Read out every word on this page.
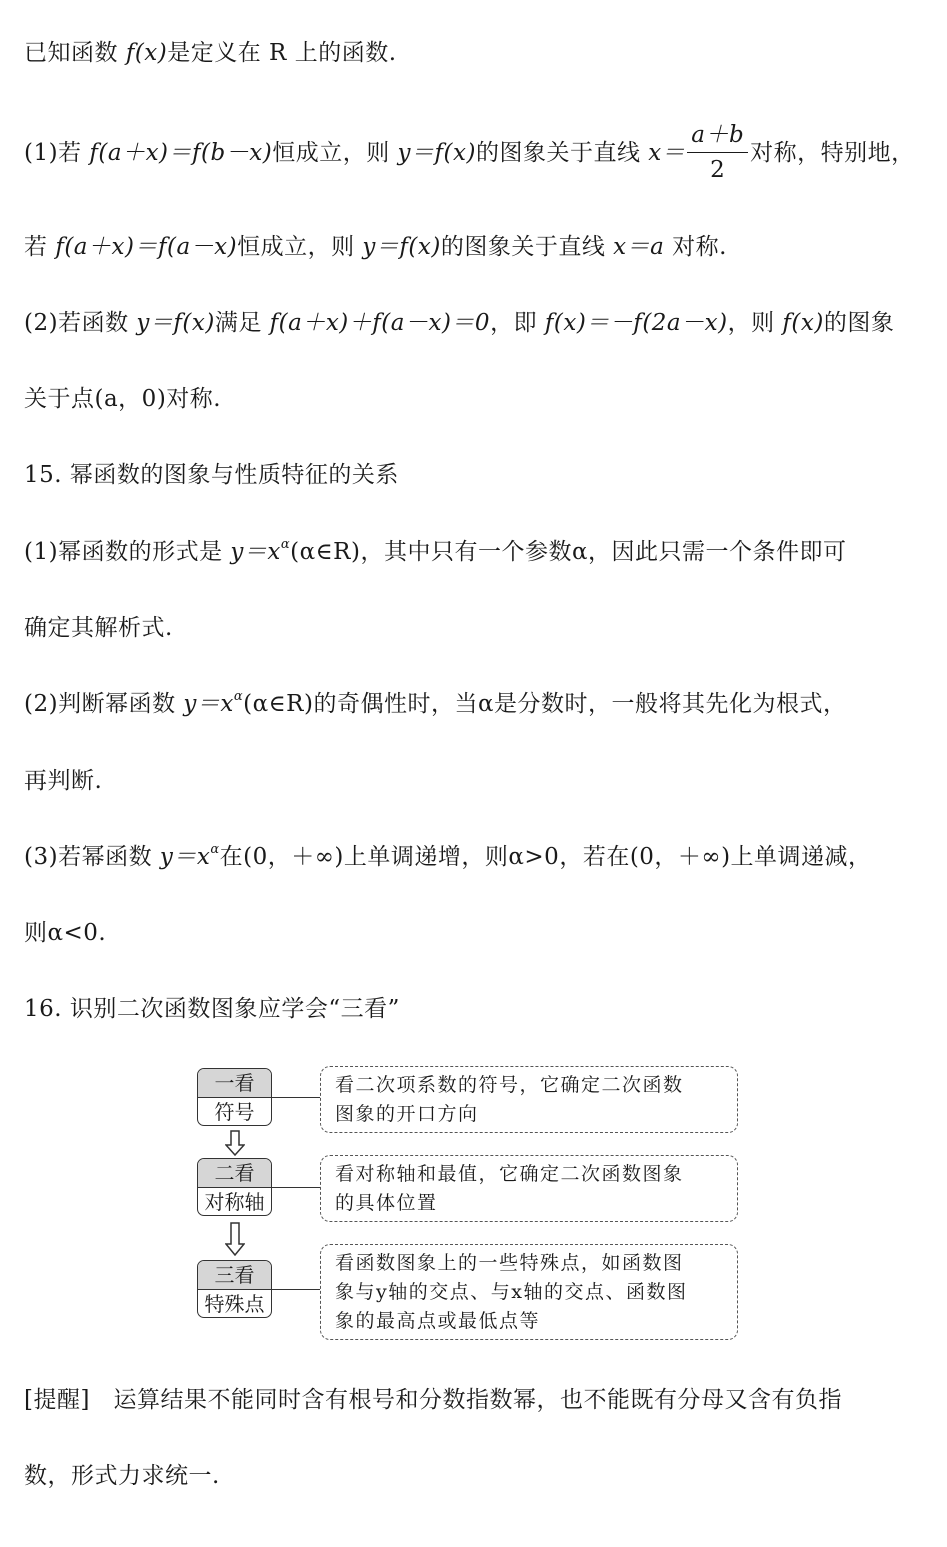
已知函数 f(x)是定义在 R 上的函数.
(1)若 f(a＋x)＝f(b－x)恒成立，则 y＝f(x)的图象关于直线 $x= \frac{a+b}{2}$ 对称，特别地，
若 f(a＋x)＝f(a－x)恒成立，则 y＝f(x)的图象关于直线 x＝a 对称.
(2)若函数 y＝f(x)满足 f(a＋x)＋f(a－x)＝0，即 f(x)＝－f(2a－x)，则 f(x)的图象
关于点(a，0)对称.
15. 幂函数的图象与性质特征的关系
(1)幂函数的形式是 $y=x^\alpha(\alpha\in R)$，其中只有一个参数α，因此只需一个条件即可
确定其解析式.
(2)判断幂函数 $y=x^\alpha(\alpha\in R)$的奇偶性时，当α是分数时，一般将其先化为根式，
再判断.
(3)若幂函数 $y=x^\alpha$在(0，＋∞)上单调递增，则α>0，若在(0，＋∞)上单调递减，
则α<0.
16. 识别二次函数图象应学会“三看”
一看
符号
看二次项系数的符号，它确定二次函数
图象的开口方向
二看
对称轴
看对称轴和最值，它确定二次函数图象
的具体位置
三看
特殊点
看函数图象上的一些特殊点，如函数图
象与y轴的交点、与x轴的交点、函数图
象的最高点或最低点等
[提醒]　运算结果不能同时含有根号和分数指数幂，也不能既有分母又含有负指
数，形式力求统一.
